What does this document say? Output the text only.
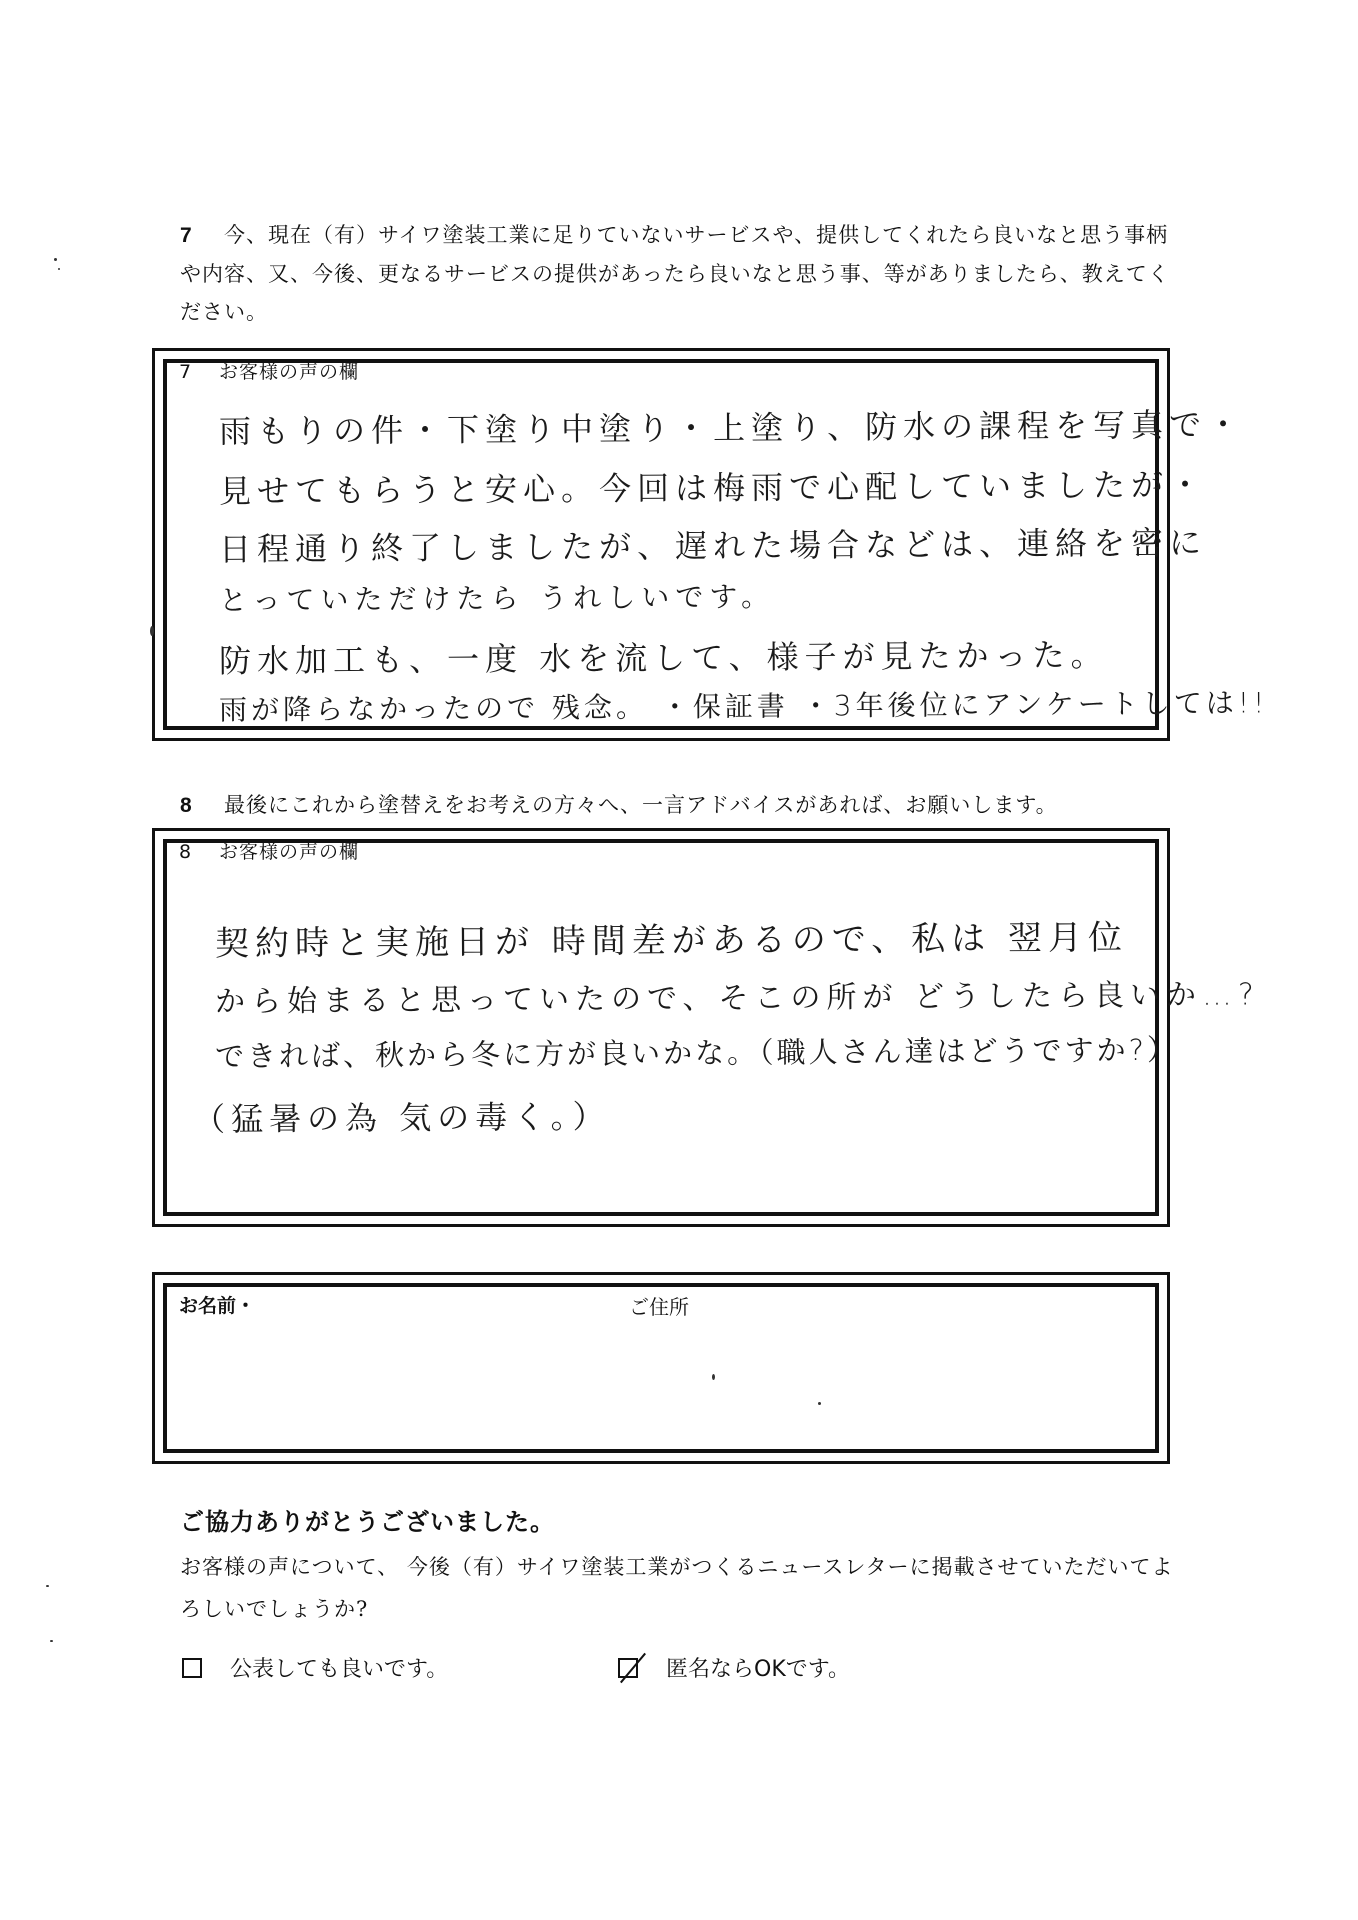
7 今、現在（有）サイワ塗装工業に足りていないサービスや、提供してくれたら良いなと思う事柄や内容、又、今後、更なるサービスの提供があったら良いなと思う事、等がありましたら、教えてください。

7 お客様の声の欄
雨もりの件・下塗り中塗り・上塗り、防水の課程を写真で・
見せてもらうと安心。今回は梅雨で心配していましたが・
日程通り終了しましたが、遅れた場合などは、連絡を密に
とっていただけたら うれしいです。
防水加工も、一度 水を流して、様子が見たかった。
雨が降らなかったので 残念。 ・保証書 ・3年後位にアンケートしては!!

8 最後にこれから塗替えをお考えの方々へ、一言アドバイスがあれば、お願いします。

8 お客様の声の欄
契約時と実施日が 時間差があるので、私は 翌月位
から始まると思っていたので、そこの所が どうしたら良いか…?
できれば、秋から冬に方が良いかな。（職人さん達はどうですか?）
（猛暑の為 気の毒く。）
お名前・	ご住所
ご協力ありがとうございました。
お客様の声について、 今後（有）サイワ塗装工業がつくるニュースレターに掲載させていただいてよろしいでしょうか?
公表しても良いです。	匿名ならOKです。
